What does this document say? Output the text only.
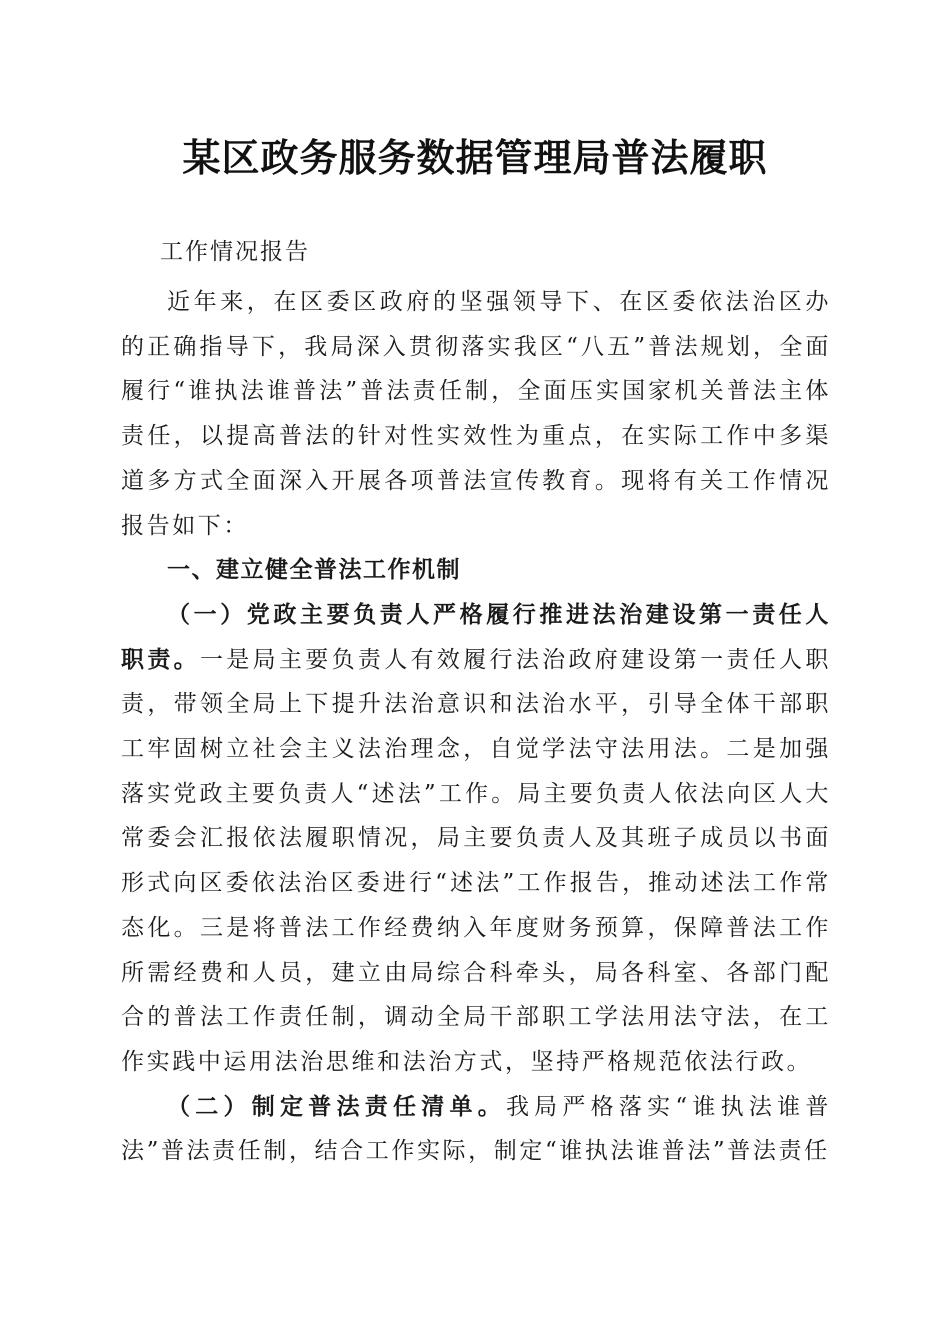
某区政务服务数据管理局普法履职

工作情况报告

近年来，在区委区政府的坚强领导下、在区委依法治区办的正确指导下，我局深入贯彻落实我区“八五”普法规划，全面履行“谁执法谁普法”普法责任制，全面压实国家机关普法主体责任，以提高普法的针对性实效性为重点，在实际工作中多渠道多方式全面深入开展各项普法宣传教育。现将有关工作情况报告如下：

一、建立健全普法工作机制

（一）党政主要负责人严格履行推进法治建设第一责任人职责。一是局主要负责人有效履行法治政府建设第一责任人职责，带领全局上下提升法治意识和法治水平，引导全体干部职工牢固树立社会主义法治理念，自觉学法守法用法。二是加强落实党政主要负责人“述法”工作。局主要负责人依法向区人大常委会汇报依法履职情况，局主要负责人及其班子成员以书面形式向区委依法治区委进行“述法”工作报告，推动述法工作常态化。三是将普法工作经费纳入年度财务预算，保障普法工作所需经费和人员，建立由局综合科牵头，局各科室、各部门配合的普法工作责任制，调动全局干部职工学法用法守法，在工作实践中运用法治思维和法治方式，坚持严格规范依法行政。

（二）制定普法责任清单。我局严格落实“谁执法谁普法”普法责任制，结合工作实际，制定“谁执法谁普法”普法责任
